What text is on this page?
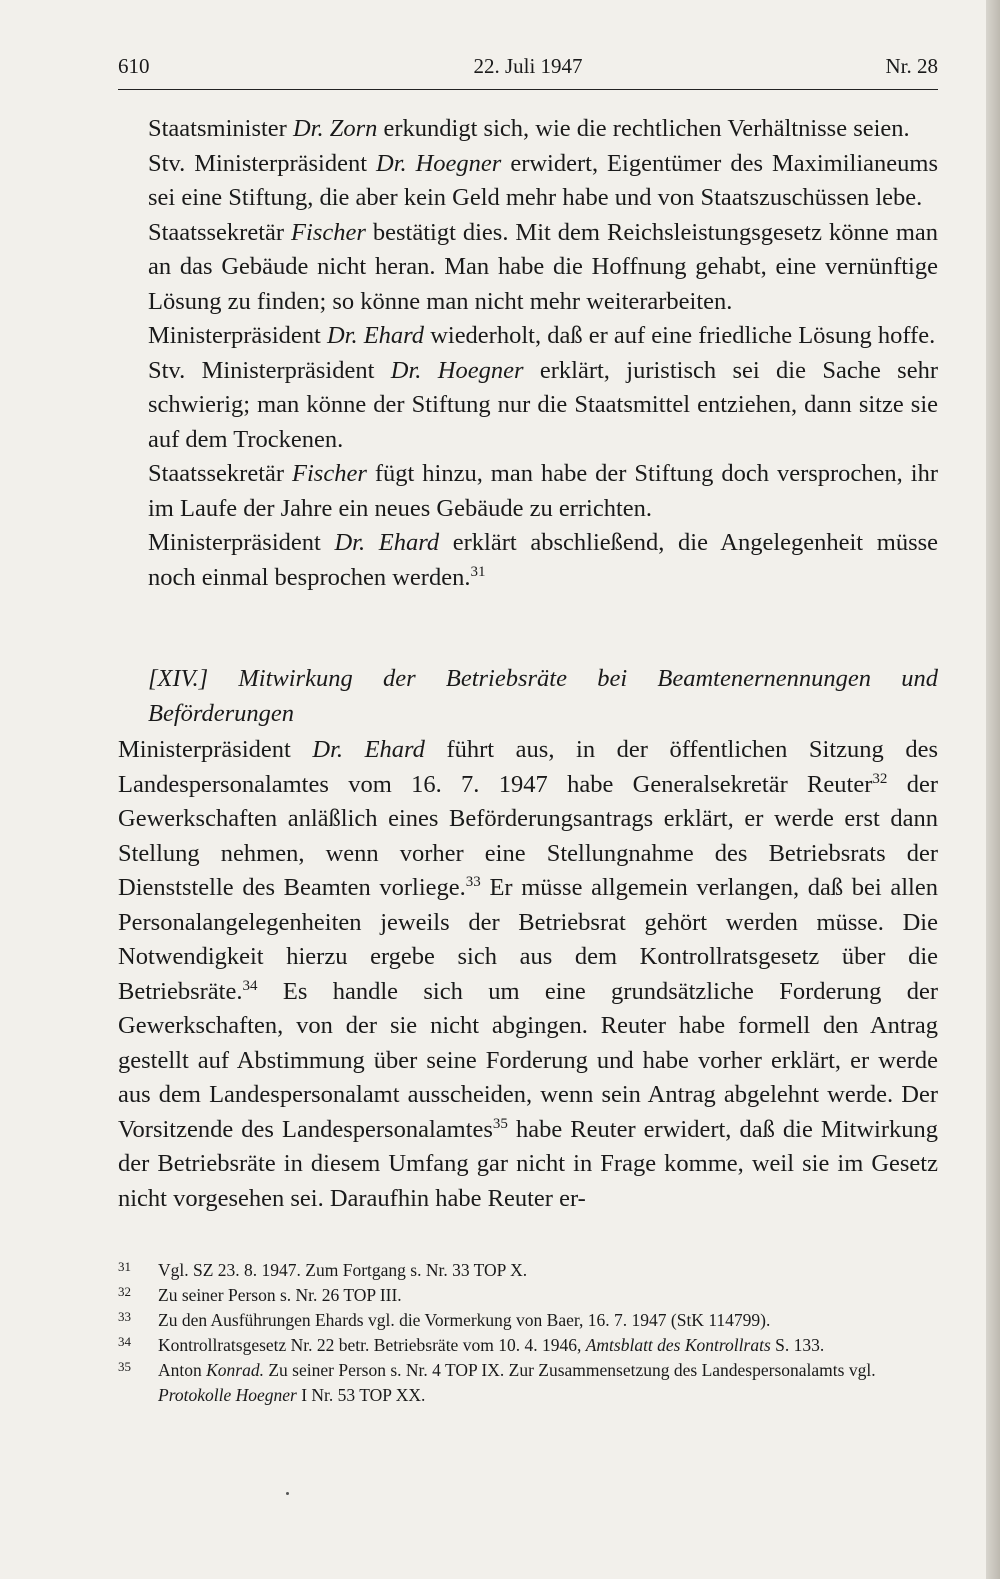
610	22. Juli 1947	Nr. 28

Staatsminister Dr. Zorn erkundigt sich, wie die rechtlichen Verhältnisse seien.

Stv. Ministerpräsident Dr. Hoegner erwidert, Eigentümer des Maximilianeums sei eine Stiftung, die aber kein Geld mehr habe und von Staatszuschüssen lebe.

Staatssekretär Fischer bestätigt dies. Mit dem Reichsleistungsgesetz könne man an das Gebäude nicht heran. Man habe die Hoffnung gehabt, eine vernünftige Lösung zu finden; so könne man nicht mehr weiterarbeiten.

Ministerpräsident Dr. Ehard wiederholt, daß er auf eine friedliche Lösung hoffe.

Stv. Ministerpräsident Dr. Hoegner erklärt, juristisch sei die Sache sehr schwierig; man könne der Stiftung nur die Staatsmittel entziehen, dann sitze sie auf dem Trockenen.

Staatssekretär Fischer fügt hinzu, man habe der Stiftung doch versprochen, ihr im Laufe der Jahre ein neues Gebäude zu errichten.

Ministerpräsident Dr. Ehard erklärt abschließend, die Angelegenheit müsse noch einmal besprochen werden.$^{31}$

[XIV.] Mitwirkung der Betriebsräte bei Beamtenernennungen und Beförderungen

Ministerpräsident Dr. Ehard führt aus, in der öffentlichen Sitzung des Landespersonalamtes vom 16. 7. 1947 habe Generalsekretär Reuter$^{32}$ der Gewerkschaften anläßlich eines Beförderungsantrags erklärt, er werde erst dann Stellung nehmen, wenn vorher eine Stellungnahme des Betriebsrats der Dienststelle des Beamten vorliege.$^{33}$ Er müsse allgemein verlangen, daß bei allen Personalangelegenheiten jeweils der Betriebsrat gehört werden müsse. Die Notwendigkeit hierzu ergebe sich aus dem Kontrollratsgesetz über die Betriebsräte.$^{34}$ Es handle sich um eine grundsätzliche Forderung der Gewerkschaften, von der sie nicht abgingen. Reuter habe formell den Antrag gestellt auf Abstimmung über seine Forderung und habe vorher erklärt, er werde aus dem Landespersonalamt ausscheiden, wenn sein Antrag abgelehnt werde. Der Vorsitzende des Landespersonalamtes$^{35}$ habe Reuter erwidert, daß die Mitwirkung der Betriebsräte in diesem Umfang gar nicht in Frage komme, weil sie im Gesetz nicht vorgesehen sei. Daraufhin habe Reuter er-

31 Vgl. SZ 23. 8. 1947. Zum Fortgang s. Nr. 33 TOP X.

32 Zu seiner Person s. Nr. 26 TOP III.

33 Zu den Ausführungen Ehards vgl. die Vormerkung von Baer, 16. 7. 1947 (StK 114799).

34 Kontrollratsgesetz Nr. 22 betr. Betriebsräte vom 10. 4. 1946, Amtsblatt des Kontrollrats S. 133.

35 Anton Konrad. Zu seiner Person s. Nr. 4 TOP IX. Zur Zusammensetzung des Landespersonalamts vgl. Protokolle Hoegner I Nr. 53 TOP XX.
